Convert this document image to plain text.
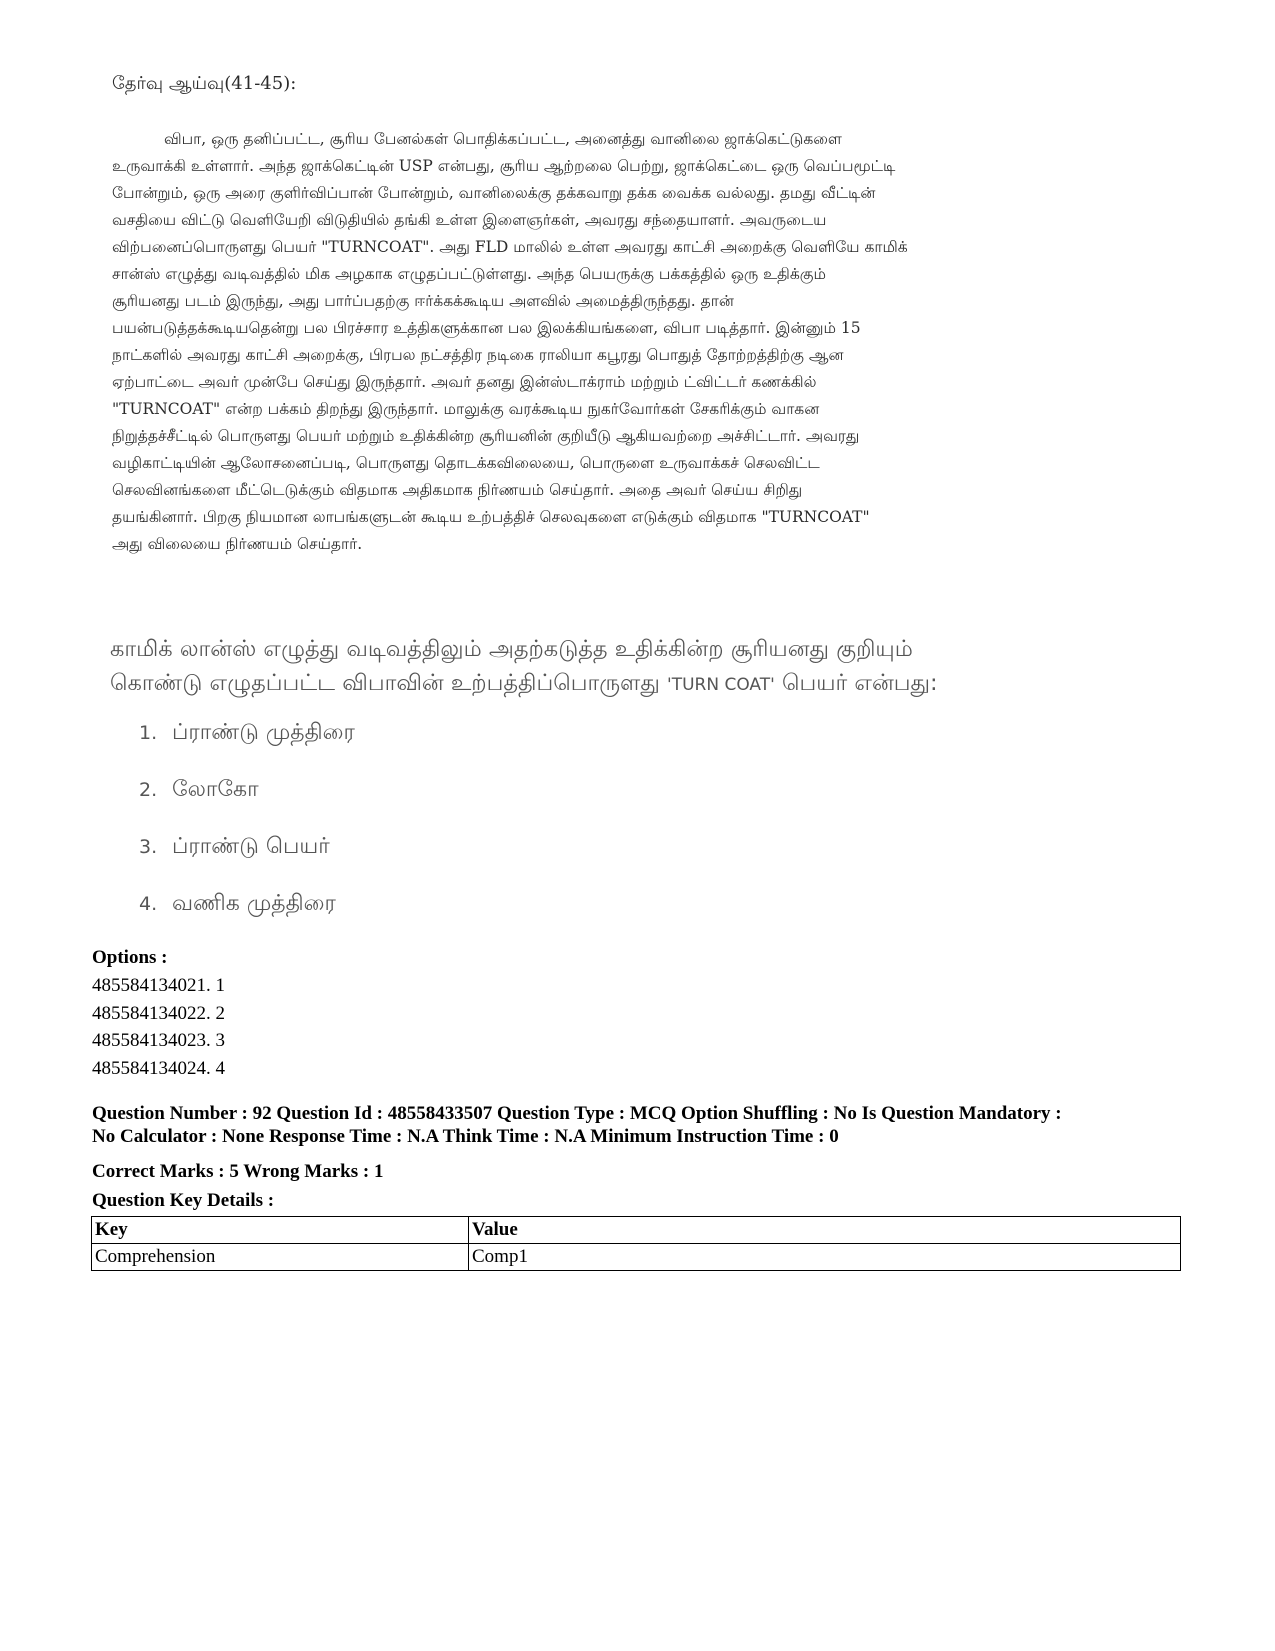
தேர்வு ஆய்வு(41-45):
விபா, ஒரு தனிப்பட்ட, சூரிய பேனல்கள் பொதிக்கப்பட்ட, அனைத்து வானிலை ஜாக்கெட்டுகளை
உருவாக்கி உள்ளார். அந்த ஜாக்கெட்டின் USP என்பது, சூரிய ஆற்றலை பெற்று, ஜாக்கெட்டை ஒரு வெப்பமூட்டி
போன்றும், ஒரு அரை குளிர்விப்பான் போன்றும், வானிலைக்கு தக்கவாறு தக்க வைக்க வல்லது. தமது வீட்டின்
வசதியை விட்டு வெளியேறி விடுதியில் தங்கி உள்ள இளைஞர்கள், அவரது சந்தையாளர். அவருடைய
விற்பனைப்பொருளது பெயர் "TURNCOAT". அது FLD மாலில் உள்ள அவரது காட்சி அறைக்கு வெளியே காமிக்
சான்ஸ் எழுத்து வடிவத்தில் மிக அழகாக எழுதப்பட்டுள்ளது. அந்த பெயருக்கு பக்கத்தில் ஒரு உதிக்கும்
சூரியனது படம் இருந்து, அது பார்ப்பதற்கு ஈர்க்கக்கூடிய அளவில் அமைத்திருந்தது. தான்
பயன்படுத்தக்கூடியதென்று பல பிரச்சார உத்திகளுக்கான பல இலக்கியங்களை, விபா படித்தார். இன்னும் 15
நாட்களில் அவரது காட்சி அறைக்கு, பிரபல நட்சத்திர நடிகை ராலியா கபூரது பொதுத் தோற்றத்திற்கு ஆன
ஏற்பாட்டை அவர் முன்பே செய்து இருந்தார். அவர் தனது இன்ஸ்டாக்ராம் மற்றும் ட்விட்டர் கணக்கில்
"TURNCOAT" என்ற பக்கம் திறந்து இருந்தார். மாலுக்கு வரக்கூடிய நுகர்வோர்கள் சேகரிக்கும் வாகன
நிறுத்தச்சீட்டில் பொருளது பெயர் மற்றும் உதிக்கின்ற சூரியனின் குறியீடு ஆகியவற்றை அச்சிட்டார். அவரது
வழிகாட்டியின் ஆலோசனைப்படி, பொருளது தொடக்கவிலையை, பொருளை உருவாக்கச் செலவிட்ட
செலவினங்களை மீட்டெடுக்கும் விதமாக அதிகமாக நிர்ணயம் செய்தார். அதை அவர் செய்ய சிறிது
தயங்கினார். பிறகு நியமான லாபங்களுடன் கூடிய உற்பத்திச் செலவுகளை எடுக்கும் விதமாக "TURNCOAT"
அது விலையை நிர்ணயம் செய்தார்.
காமிக் லான்ஸ் எழுத்து வடிவத்திலும் அதற்கடுத்த உதிக்கின்ற சூரியனது குறியும்
கொண்டு எழுதப்பட்ட விபாவின் உற்பத்திப்பொருளது 'TURN COAT' பெயர் என்பது:
1. ப்ராண்டு முத்திரை
2. லோகோ
3. ப்ராண்டு பெயர்
4. வணிக முத்திரை
Options :
485584134021. 1
485584134022. 2
485584134023. 3
485584134024. 4
Question Number : 92 Question Id : 48558433507 Question Type : MCQ Option Shuffling : No Is Question Mandatory :
No Calculator : None Response Time : N.A Think Time : N.A Minimum Instruction Time : 0
Correct Marks : 5 Wrong Marks : 1
Question Key Details :
Key	Value
Comprehension	Comp1
